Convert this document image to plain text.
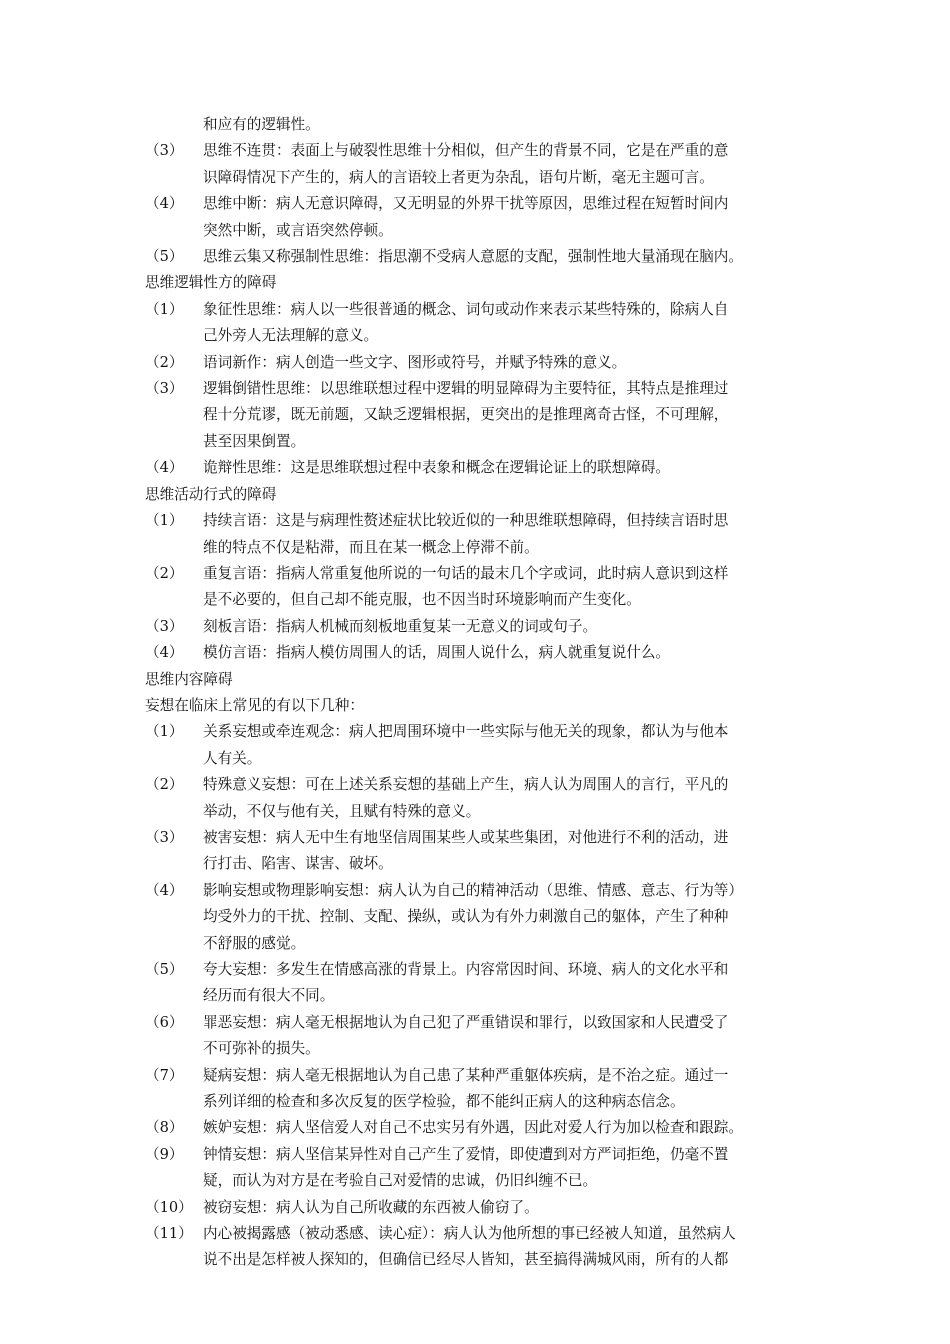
和应有的逻辑性。

（3）	思维不连贯：表面上与破裂性思维十分相似，但产生的背景不同，它是在严重的意
识障碍情况下产生的，病人的言语较上者更为杂乱，语句片断，毫无主题可言。
（4）	思维中断：病人无意识障碍，又无明显的外界干扰等原因，思维过程在短暂时间内
突然中断，或言语突然停顿。
（5）	思维云集又称强制性思维：指思潮不受病人意愿的支配，强制性地大量涌现在脑内。

思维逻辑性方的障碍

（1）	象征性思维：病人以一些很普通的概念、词句或动作来表示某些特殊的，除病人自
己外旁人无法理解的意义。
（2）	语词新作：病人创造一些文字、图形或符号，并赋予特殊的意义。
（3）	逻辑倒错性思维：以思维联想过程中逻辑的明显障碍为主要特征，其特点是推理过
程十分荒谬，既无前题，又缺乏逻辑根据，更突出的是推理离奇古怪，不可理解，
甚至因果倒置。
（4）	诡辩性思维：这是思维联想过程中表象和概念在逻辑论证上的联想障碍。

思维活动行式的障碍

（1）	持续言语：这是与病理性赘述症状比较近似的一种思维联想障碍，但持续言语时思
维的特点不仅是粘滞，而且在某一概念上停滞不前。
（2）	重复言语：指病人常重复他所说的一句话的最末几个字或词，此时病人意识到这样
是不必要的，但自己却不能克服，也不因当时环境影响而产生变化。
（3）	刻板言语：指病人机械而刻板地重复某一无意义的词或句子。
（4）	模仿言语：指病人模仿周围人的话，周围人说什么，病人就重复说什么。

思维内容障碍

妄想在临床上常见的有以下几种：

（1）	关系妄想或牵连观念：病人把周围环境中一些实际与他无关的现象，都认为与他本
人有关。
（2）	特殊意义妄想：可在上述关系妄想的基础上产生，病人认为周围人的言行，平凡的
举动，不仅与他有关，且赋有特殊的意义。
（3）	被害妄想：病人无中生有地坚信周围某些人或某些集团，对他进行不利的活动，进
行打击、陷害、谋害、破坏。
（4）	影响妄想或物理影响妄想：病人认为自己的精神活动（思维、情感、意志、行为等）
均受外力的干扰、控制、支配、操纵，或认为有外力刺激自己的躯体，产生了种种
不舒服的感觉。
（5）	夸大妄想：多发生在情感高涨的背景上。内容常因时间、环境、病人的文化水平和
经历而有很大不同。
（6）	罪恶妄想：病人毫无根据地认为自己犯了严重错误和罪行，以致国家和人民遭受了
不可弥补的损失。
（7）	疑病妄想：病人毫无根据地认为自己患了某种严重躯体疾病，是不治之症。通过一
系列详细的检查和多次反复的医学检验，都不能纠正病人的这种病态信念。
（8）	嫉妒妄想：病人坚信爱人对自己不忠实另有外遇，因此对爱人行为加以检查和跟踪。
（9）	钟情妄想：病人坚信某异性对自己产生了爱情，即使遭到对方严词拒绝，仍毫不置
疑，而认为对方是在考验自己对爱情的忠诚，仍旧纠缠不已。
（10） 被窃妄想：病人认为自己所收藏的东西被人偷窃了。
（11） 内心被揭露感（被动悉感、读心症）：病人认为他所想的事已经被人知道，虽然病人
说不出是怎样被人探知的，但确信已经尽人皆知，甚至搞得满城风雨，所有的人都
